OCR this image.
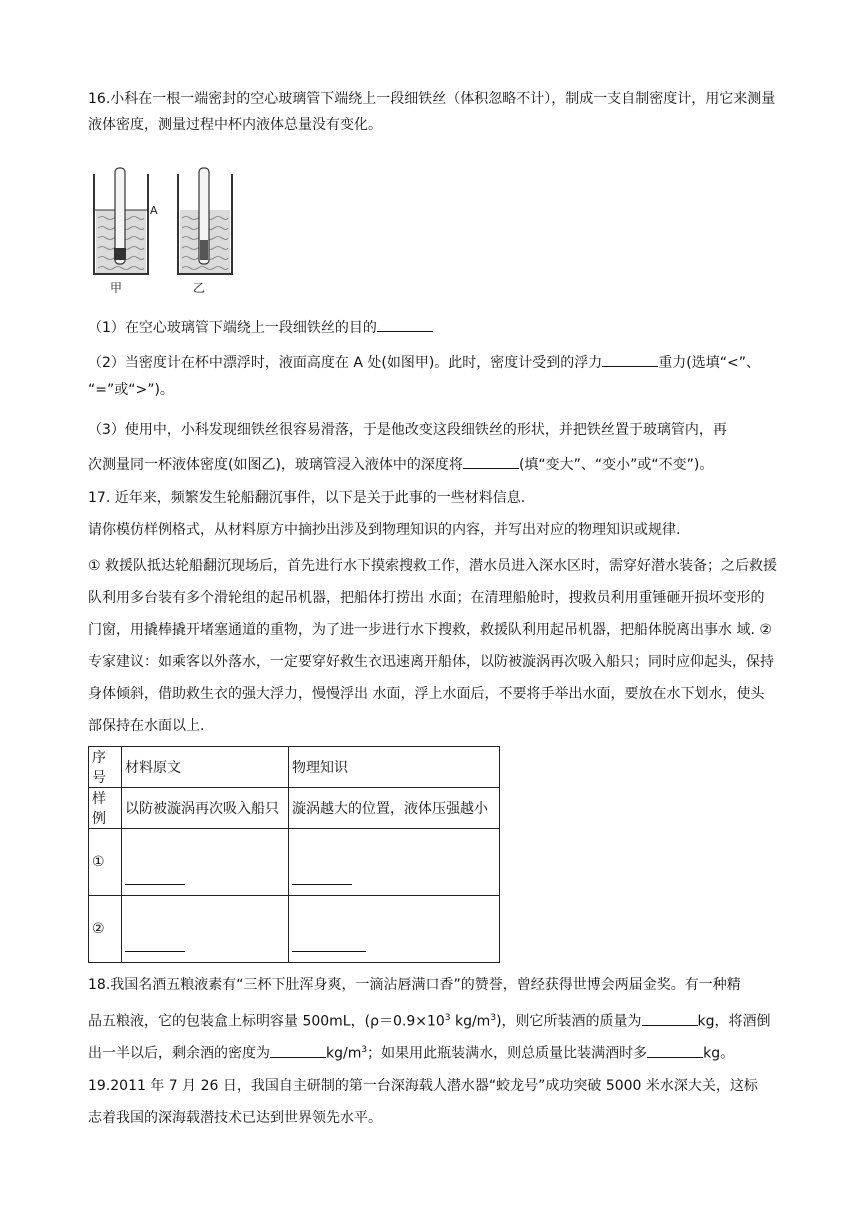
16.小科在一根一端密封的空心玻璃管下端绕上一段细铁丝（体积忽略不计），制成一支自制密度计，用它来测量液体密度，测量过程中杯内液体总量没有变化。

A
甲	乙
（1）在空心玻璃管下端绕上一段细铁丝的目的
（2）当密度计在杯中漂浮时，液面高度在 A 处(如图甲)。此时，密度计受到的浮力	重力(选填“<”、
“=”或“>”)。
（3）使用中，小科发现细铁丝很容易滑落，于是他改变这段细铁丝的形状，并把铁丝置于玻璃管内，再
次测量同一杯液体密度(如图乙)，玻璃管浸入液体中的深度将	(填“变大”、“变小”或“不变”)。
17. 近年来，频繁发生轮船翻沉事件，以下是关于此事的一些材料信息.
请你模仿样例格式，从材料原方中摘抄出涉及到物理知识的内容，并写出对应的物理知识或规律.

① 救援队抵达轮船翻沉现场后，首先进行水下摸索搜救工作，潜水员进入深水区时，需穿好潜水装备；之后救援队利用多台装有多个滑轮组的起吊机器，把船体打捞出 水面；在清理船舱时，搜救员利用重锤砸开损坏变形的门窗，用撬棒撬开堵塞通道的重物，为了进一步进行水下搜救，救援队利用起吊机器，把船体脱离出事水 域. ②专家建议：如乘客以外落水，一定要穿好救生衣迅速离开船体，以防被漩涡再次吸入船只；同时应仰起头，保持身体倾斜，借助救生衣的强大浮力，慢慢浮出 水面，浮上水面后，不要将手举出水面，要放在水下划水，使头部保持在水面以上.

序号	材料原文	物理知识
样例	以防被漩涡再次吸入船只	漩涡越大的位置，液体压强越小
①		
②		
18.我国名酒五粮液素有“三杯下肚浑身爽，一滴沾唇满口香”的赞誉，曾经获得世博会两届金奖。有一种精
品五粮液，它的包装盒上标明容量 500mL，($\rho=0.9\times 10^3$ $kg/m^3$)，则它所装酒的质量为	kg，将酒倒
出一半以后，剩余酒的密度为	$kg/m^3$；如果用此瓶装满水，则总质量比装满酒时多	kg。
19.2011 年 7 月 26 日，我国自主研制的第一台深海载人潜水器“蛟龙号”成功突破 5000 米水深大关，这标
志着我国的深海载潜技术已达到世界领先水平。
